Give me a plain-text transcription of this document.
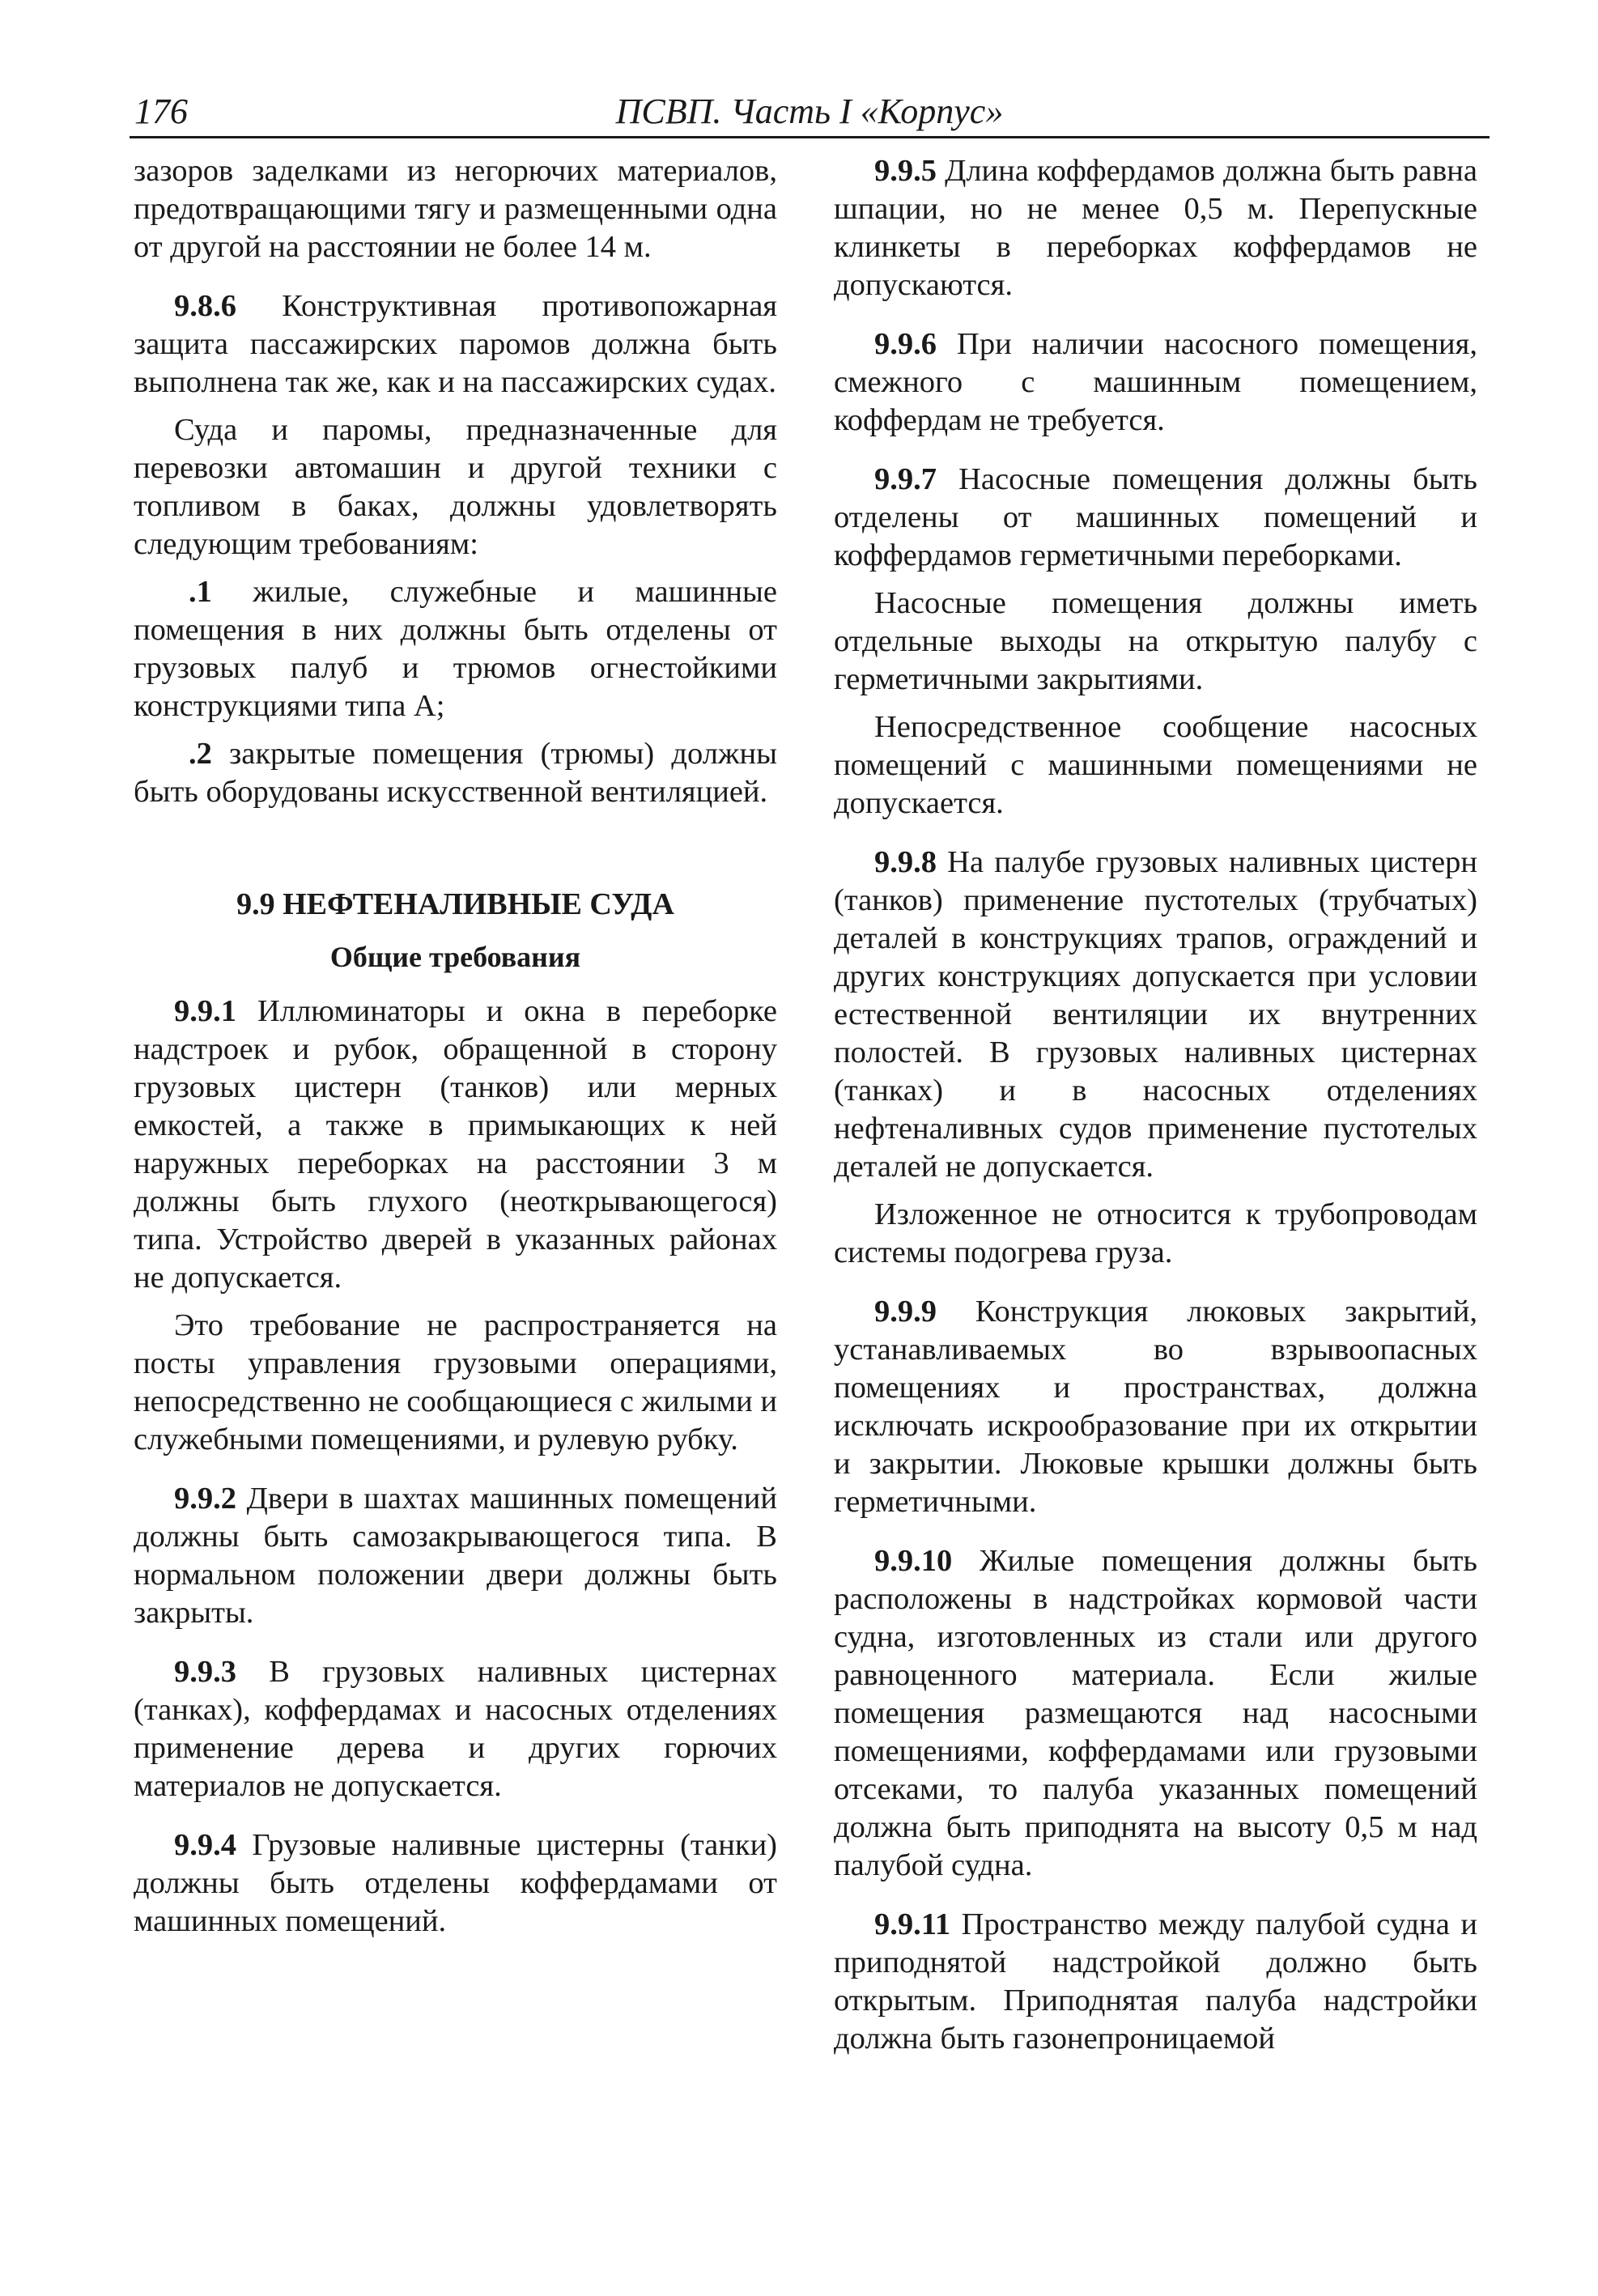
176	ПСВП. Часть I «Корпус»

зазоров заделками из негорючих материалов, предотвращающими тягу и размещенными одна от другой на расстоянии не более 14 м.

9.8.6 Конструктивная противопожарная защита пассажирских паромов должна быть выполнена так же, как и на пассажирских судах.

Суда и паромы, предназначенные для перевозки автомашин и другой техники с топливом в баках, должны удовлетворять следующим требованиям:

.1 жилые, служебные и машинные помещения в них должны быть отделены от грузовых палуб и трюмов огнестойкими конструкциями типа А;

.2 закрытые помещения (трюмы) должны быть оборудованы искусственной вентиляцией.

9.9 НЕФТЕНАЛИВНЫЕ СУДА
Общие требования

9.9.1 Иллюминаторы и окна в переборке надстроек и рубок, обращенной в сторону грузовых цистерн (танков) или мерных емкостей, а также в примыкающих к ней наружных переборках на расстоянии 3 м должны быть глухого (неоткрывающегося) типа. Устройство дверей в указанных районах не допускается.

Это требование не распространяется на посты управления грузовыми операциями, непосредственно не сообщающиеся с жилыми и служебными помещениями, и рулевую рубку.

9.9.2 Двери в шахтах машинных помещений должны быть самозакрывающегося типа. В нормальном положении двери должны быть закрыты.

9.9.3 В грузовых наливных цистернах (танках), коффердамах и насосных отделениях применение дерева и других горючих материалов не допускается.

9.9.4 Грузовые наливные цистерны (танки) должны быть отделены коффердамами от машинных помещений.

9.9.5 Длина коффердамов должна быть равна шпации, но не менее 0,5 м. Перепускные клинкеты в переборках коффердамов не допускаются.

9.9.6 При наличии насосного помещения, смежного с машинным помещением, коффердам не требуется.

9.9.7 Насосные помещения должны быть отделены от машинных помещений и коффердамов герметичными переборками.

Насосные помещения должны иметь отдельные выходы на открытую палубу с герметичными закрытиями.

Непосредственное сообщение насосных помещений с машинными помещениями не допускается.

9.9.8 На палубе грузовых наливных цистерн (танков) применение пустотелых (трубчатых) деталей в конструкциях трапов, ограждений и других конструкциях допускается при условии естественной вентиляции их внутренних полостей. В грузовых наливных цистернах (танках) и в насосных отделениях нефтеналивных судов применение пустотелых деталей не допускается.

Изложенное не относится к трубопроводам системы подогрева груза.

9.9.9 Конструкция люковых закрытий, устанавливаемых во взрывоопасных помещениях и пространствах, должна исключать искрообразование при их открытии и закрытии. Люковые крышки должны быть герметичными.

9.9.10 Жилые помещения должны быть расположены в надстройках кормовой части судна, изготовленных из стали или другого равноценного материала. Если жилые помещения размещаются над насосными помещениями, коффердамами или грузовыми отсеками, то палуба указанных помещений должна быть приподнята на высоту 0,5 м над палубой судна.

9.9.11 Пространство между палубой судна и приподнятой надстройкой должно быть открытым. Приподнятая палуба надстройки должна быть газонепроницаемой
